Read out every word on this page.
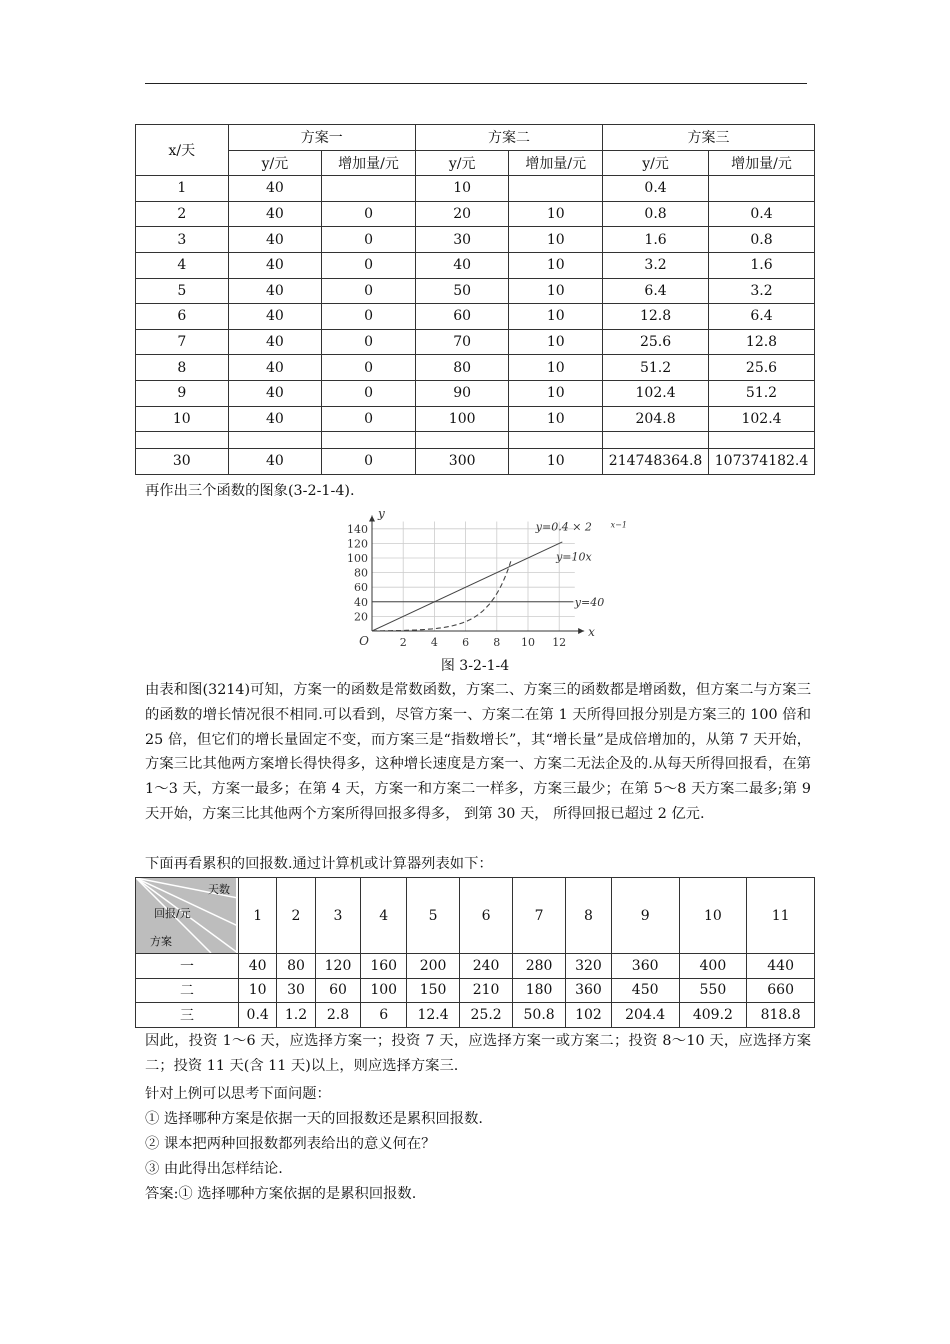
x/天	方案一		方案二		方案三	
	y/元	增加量/元	y/元	增加量/元	y/元	增加量/元
1	40		10		0.4	
2	40	0	20	10	0.8	0.4
3	40	0	30	10	1.6	0.8
4	40	0	40	10	3.2	1.6
5	40	0	50	10	6.4	3.2
6	40	0	60	10	12.8	6.4
7	40	0	70	10	25.6	12.8
8	40	0	80	10	51.2	25.6
9	40	0	90	10	102.4	51.2
10	40	0	100	10	204.8	102.4

30	40	0	300	10	214748364.8	107374182.4
再作出三个函数的图象(3-2-1-4).
20
40
60
80
100
120
140
2 4 6 8 10 12
x
y
O
y=0.4 × 2 x−1
y=10x
y=40
图 3-2-1-4
由表和图(3214)可知，方案一的函数是常数函数，方案二、方案三的函数都是增函数，但方案二与方案三的函数的增长情况很不相同.可以看到，尽管方案一、方案二在第 1 天所得回报分别是方案三的 100 倍和 25 倍，但它们的增长量固定不变，而方案三是“指数增长”，其“增长量”是成倍增加的，从第 7 天开始，方案三比其他两方案增长得快得多，这种增长速度是方案一、方案二无法企及的.从每天所得回报看，在第 1～3 天，方案一最多；在第 4 天，方案一和方案二一样多，方案三最少；在第 5～8 天方案二最多;第 9 天开始，方案三比其他两个方案所得回报多得多， 到第 30 天， 所得回报已超过 2 亿元.
下面再看累积的回报数.通过计算机或计算器列表如下：
天数
回报/元
方案	1	2	3	4	5	6	7	8	9	10	11
一	40	80	120	160	200	240	280	320	360	400	440
二	10	30	60	100	150	210	180	360	450	550	660
三	0.4	1.2	2.8	6	12.4	25.2	50.8	102	204.4	409.2	818.8
因此，投资 1～6 天，应选择方案一；投资 7 天，应选择方案一或方案二；投资 8～10 天，应选择方案二；投资 11 天(含 11 天)以上，则应选择方案三.
针对上例可以思考下面问题：
① 选择哪种方案是依据一天的回报数还是累积回报数.
② 课本把两种回报数都列表给出的意义何在？
③ 由此得出怎样结论.
答案:① 选择哪种方案依据的是累积回报数.
